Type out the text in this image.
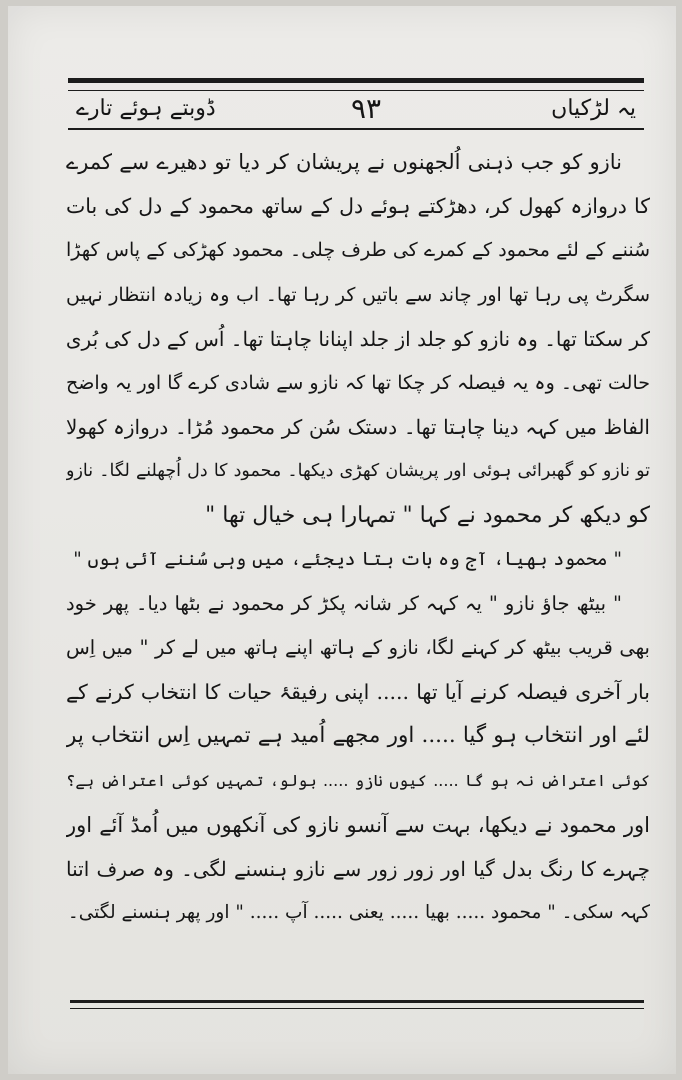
یہ لڑکیاں
۹۳
ڈوبتے ہوئے تارے
نازو کو جب ذہنی اُلجھنوں نے پریشان کر دیا تو دھیرے سے کمرے
کا دروازہ کھول کر، دھڑکتے ہوئے دل کے ساتھ محمود کے دل کی بات
سُننے کے لئے محمود کے کمرے کی طرف چلی۔ محمود کھڑکی کے پاس کھڑا
سگرٹ پی رہا تھا اور چاند سے باتیں کر رہا تھا۔ اب وہ زیادہ انتظار نہیں
کر سکتا تھا۔ وہ نازو کو جلد از جلد اپنانا چاہتا تھا۔ اُس کے دل کی بُری
حالت تھی۔ وہ یہ فیصلہ کر چکا تھا کہ نازو سے شادی کرے گا اور یہ واضح
الفاظ میں کہہ دینا چاہتا تھا۔ دستک سُن کر محمود مُڑا۔ دروازہ کھولا
تو نازو کو گھبرائی ہوئی اور پریشان کھڑی دیکھا۔ محمود کا دل اُچھلنے لگا۔ نازو
کو دیکھ کر محمود نے کہا " تمہارا ہی خیال تھا "
" محمود بھیا، آج وہ بات بتا دیجئے، میں وہی سُننے آئی ہوں "
" بیٹھ جاؤ نازو " یہ کہہ کر شانہ پکڑ کر محمود نے بٹھا دیا۔ پھر خود
بھی قریب بیٹھ کر کہنے لگا، نازو کے ہاتھ اپنے ہاتھ میں لے کر " میں اِس
بار آخری فیصلہ کرنے آیا تھا ..... اپنی رفیقۂ حیات کا انتخاب کرنے کے
لئے اور انتخاب ہو گیا ..... اور مجھے اُمید ہے تمہیں اِس انتخاب پر
کوئی اعتراض نہ ہو گا ..... کیوں نازو ..... بولو، تمہیں کوئی اعتراض ہے؟
اور محمود نے دیکھا، بہت سے آنسو نازو کی آنکھوں میں اُمڈ آئے اور
چہرے کا رنگ بدل گیا اور زور زور سے نازو ہنسنے لگی۔ وہ صرف اتنا
کہہ سکی۔ " محمود ..... بھیا ..... یعنی ..... آپ ..... " اور پھر ہنسنے لگتی۔
